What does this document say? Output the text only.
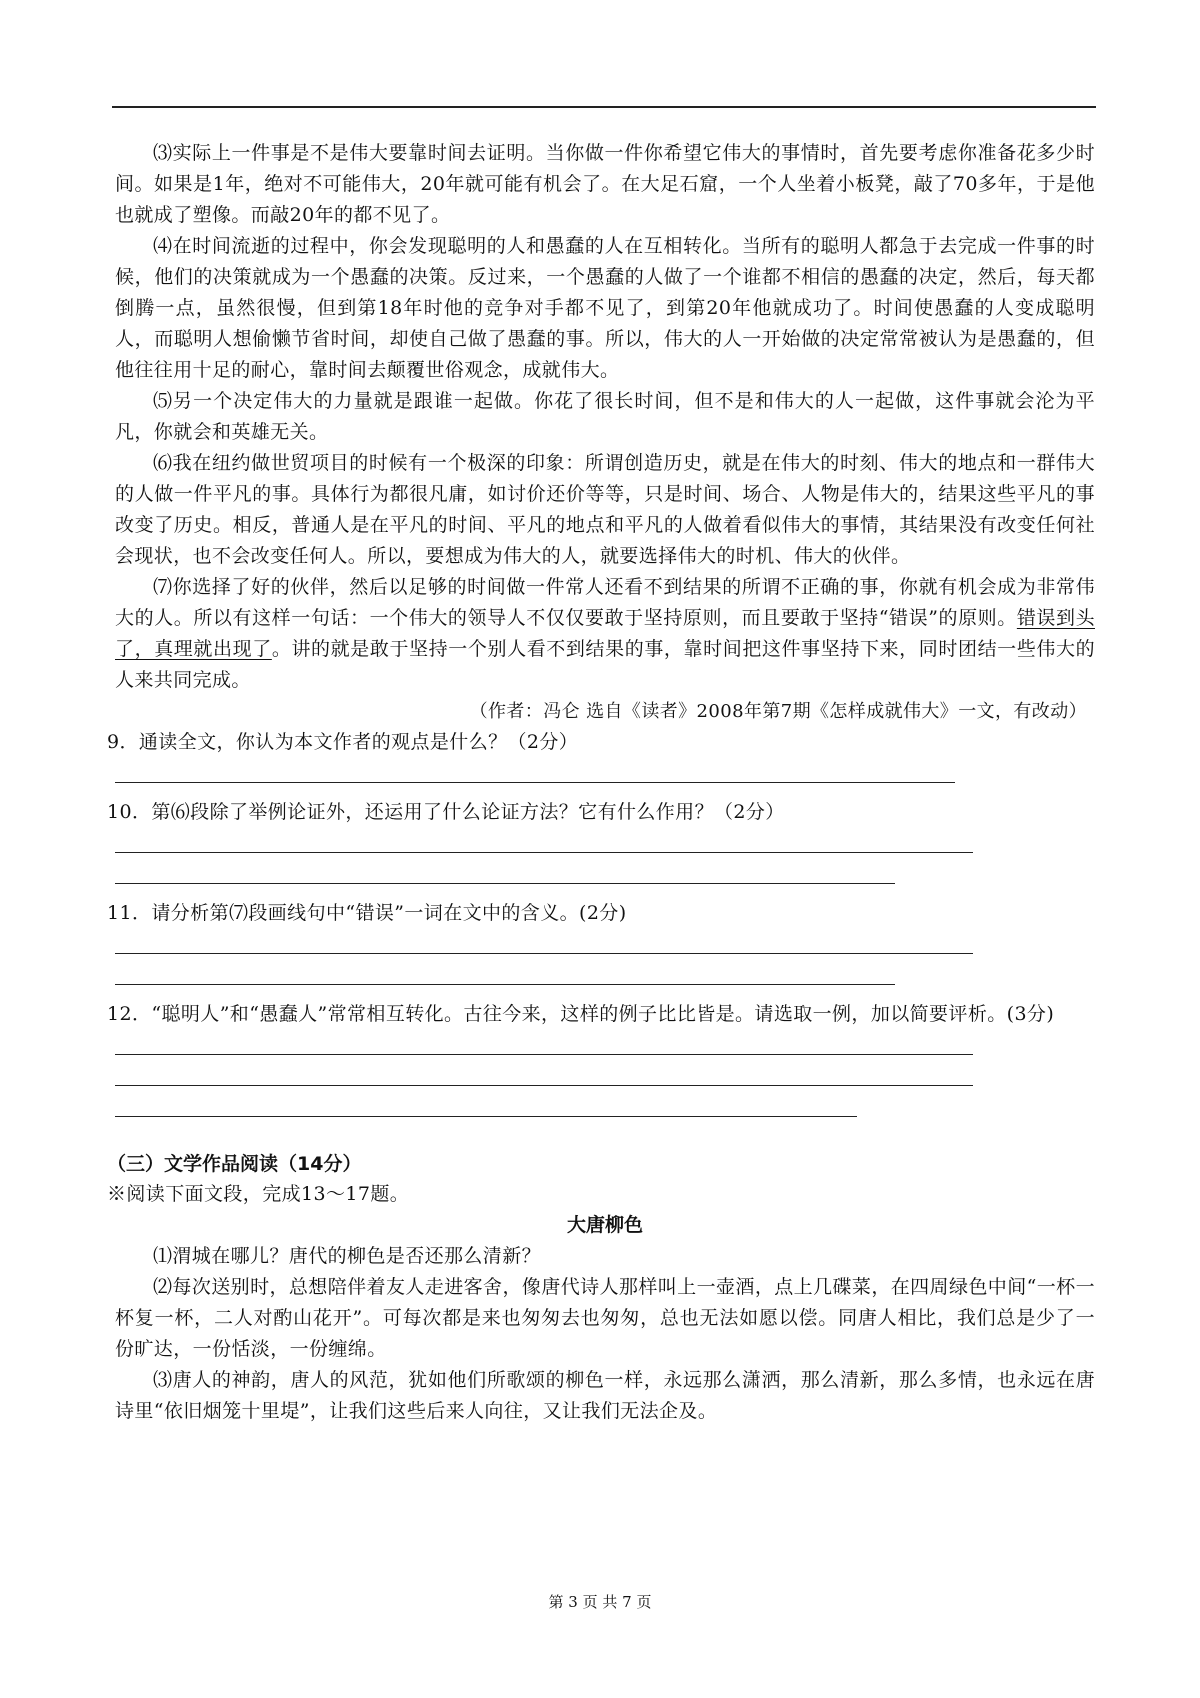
⑶实际上一件事是不是伟大要靠时间去证明。当你做一件你希望它伟大的事情时，首先要考虑你准备花多少时间。如果是1年，绝对不可能伟大，20年就可能有机会了。在大足石窟，一个人坐着小板凳，敲了70多年，于是他也就成了塑像。而敲20年的都不见了。

⑷在时间流逝的过程中，你会发现聪明的人和愚蠢的人在互相转化。当所有的聪明人都急于去完成一件事的时候，他们的决策就成为一个愚蠢的决策。反过来，一个愚蠢的人做了一个谁都不相信的愚蠢的决定，然后，每天都倒腾一点，虽然很慢，但到第18年时他的竞争对手都不见了，到第20年他就成功了。时间使愚蠢的人变成聪明人，而聪明人想偷懒节省时间，却使自己做了愚蠢的事。所以，伟大的人一开始做的决定常常被认为是愚蠢的，但他往往用十足的耐心，靠时间去颠覆世俗观念，成就伟大。

⑸另一个决定伟大的力量就是跟谁一起做。你花了很长时间，但不是和伟大的人一起做，这件事就会沦为平凡，你就会和英雄无关。

⑹我在纽约做世贸项目的时候有一个极深的印象：所谓创造历史，就是在伟大的时刻、伟大的地点和一群伟大的人做一件平凡的事。具体行为都很凡庸，如讨价还价等等，只是时间、场合、人物是伟大的，结果这些平凡的事改变了历史。相反，普通人是在平凡的时间、平凡的地点和平凡的人做着看似伟大的事情，其结果没有改变任何社会现状，也不会改变任何人。所以，要想成为伟大的人，就要选择伟大的时机、伟大的伙伴。

⑺你选择了好的伙伴，然后以足够的时间做一件常人还看不到结果的所谓不正确的事，你就有机会成为非常伟大的人。所以有这样一句话：一个伟大的领导人不仅仅要敢于坚持原则，而且要敢于坚持“错误”的原则。错误到头了，真理就出现了。讲的就是敢于坚持一个别人看不到结果的事，靠时间把这件事坚持下来，同时团结一些伟大的人来共同完成。

（作者：冯仑 选自《读者》2008年第7期《怎样成就伟大》一文，有改动）

9．通读全文，你认为本文作者的观点是什么？（2分）

10．第⑹段除了举例论证外，还运用了什么论证方法？它有什么作用？（2分）

11．请分析第⑺段画线句中“错误”一词在文中的含义。(2分)

12．“聪明人”和“愚蠢人”常常相互转化。古往今来，这样的例子比比皆是。请选取一例，加以简要评析。(3分)

（三）文学作品阅读（14分）

※阅读下面文段，完成13～17题。

大唐柳色

⑴渭城在哪儿？唐代的柳色是否还那么清新？

⑵每次送别时，总想陪伴着友人走进客舍，像唐代诗人那样叫上一壶酒，点上几碟菜，在四周绿色中间“一杯一杯复一杯，二人对酌山花开”。可每次都是来也匆匆去也匆匆，总也无法如愿以偿。同唐人相比，我们总是少了一份旷达，一份恬淡，一份缠绵。

⑶唐人的神韵，唐人的风范，犹如他们所歌颂的柳色一样，永远那么潇洒，那么清新，那么多情，也永远在唐诗里“依旧烟笼十里堤”，让我们这些后来人向往，又让我们无法企及。

第 3 页 共 7 页
